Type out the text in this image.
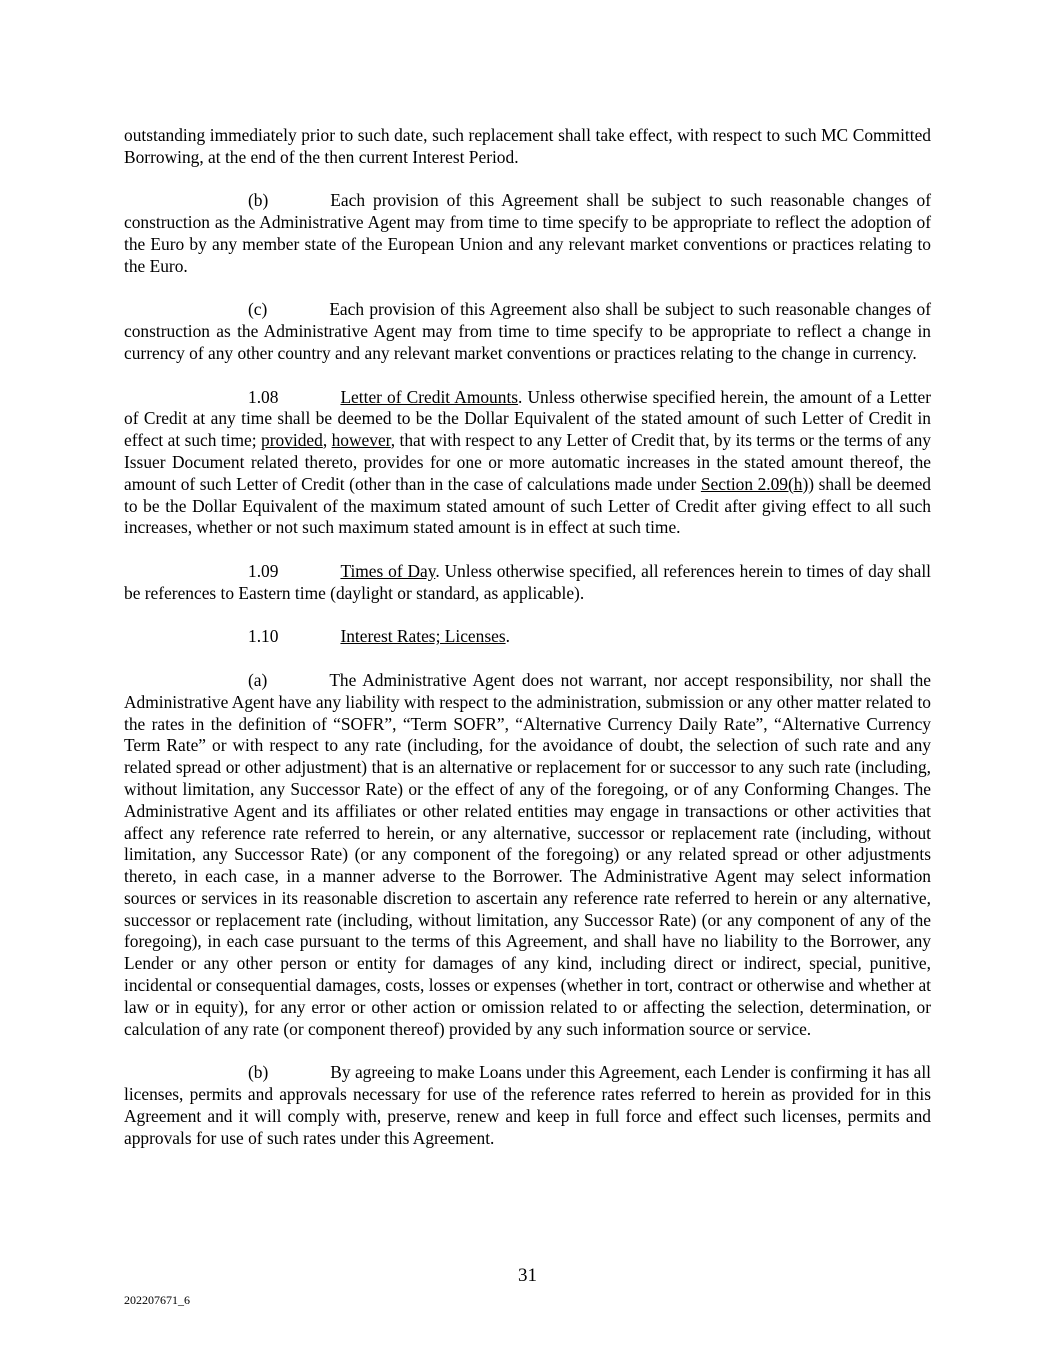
outstanding immediately prior to such date, such replacement shall take effect, with respect to such MC Committed Borrowing, at the end of the then current Interest Period.

(b)	Each provision of this Agreement shall be subject to such reasonable changes of construction as the Administrative Agent may from time to time specify to be appropriate to reflect the adoption of the Euro by any member state of the European Union and any relevant market conventions or practices relating to the Euro.

(c)	Each provision of this Agreement also shall be subject to such reasonable changes of construction as the Administrative Agent may from time to time specify to be appropriate to reflect a change in currency of any other country and any relevant market conventions or practices relating to the change in currency.

1.08	Letter of Credit Amounts. Unless otherwise specified herein, the amount of a Letter of Credit at any time shall be deemed to be the Dollar Equivalent of the stated amount of such Letter of Credit in effect at such time; provided, however, that with respect to any Letter of Credit that, by its terms or the terms of any Issuer Document related thereto, provides for one or more automatic increases in the stated amount thereof, the amount of such Letter of Credit (other than in the case of calculations made under Section 2.09(h)) shall be deemed to be the Dollar Equivalent of the maximum stated amount of such Letter of Credit after giving effect to all such increases, whether or not such maximum stated amount is in effect at such time.

1.09	Times of Day. Unless otherwise specified, all references herein to times of day shall be references to Eastern time (daylight or standard, as applicable).

1.10	Interest Rates; Licenses.

(a)	The Administrative Agent does not warrant, nor accept responsibility, nor shall the Administrative Agent have any liability with respect to the administration, submission or any other matter related to the rates in the definition of “SOFR”, “Term SOFR”, “Alternative Currency Daily Rate”, “Alternative Currency Term Rate” or with respect to any rate (including, for the avoidance of doubt, the selection of such rate and any related spread or other adjustment) that is an alternative or replacement for or successor to any such rate (including, without limitation, any Successor Rate) or the effect of any of the foregoing, or of any Conforming Changes. The Administrative Agent and its affiliates or other related entities may engage in transactions or other activities that affect any reference rate referred to herein, or any alternative, successor or replacement rate (including, without limitation, any Successor Rate) (or any component of the foregoing) or any related spread or other adjustments thereto, in each case, in a manner adverse to the Borrower. The Administrative Agent may select information sources or services in its reasonable discretion to ascertain any reference rate referred to herein or any alternative, successor or replacement rate (including, without limitation, any Successor Rate) (or any component of any of the foregoing), in each case pursuant to the terms of this Agreement, and shall have no liability to the Borrower, any Lender or any other person or entity for damages of any kind, including direct or indirect, special, punitive, incidental or consequential damages, costs, losses or expenses (whether in tort, contract or otherwise and whether at law or in equity), for any error or other action or omission related to or affecting the selection, determination, or calculation of any rate (or component thereof) provided by any such information source or service.

(b)	By agreeing to make Loans under this Agreement, each Lender is confirming it has all licenses, permits and approvals necessary for use of the reference rates referred to herein as provided for in this Agreement and it will comply with, preserve, renew and keep in full force and effect such licenses, permits and approvals for use of such rates under this Agreement.

31
202207671_6
